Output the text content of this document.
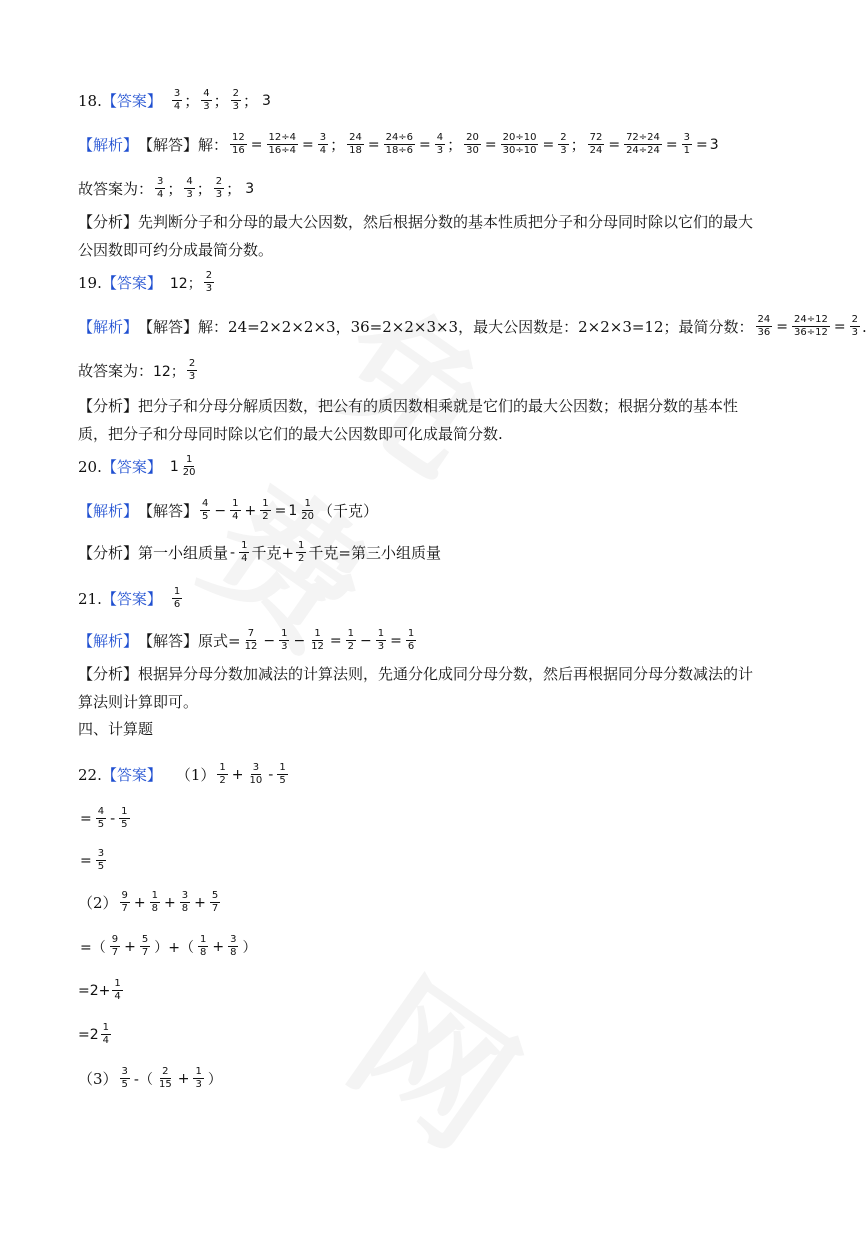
18. 【答案】 3
4 ； 4
3 ； 2
3 ； 3
【解析】 【解答】 解： $\frac{12}{16} = \frac{12\div 4}{16\div 4} = \frac{3}{4}$ ； $\frac{24}{18} = \frac{24\div 6}{18\div 6} = \frac{4}{3}$ ； $\frac{20}{30} = \frac{20\div 10}{30\div 10} = \frac{2}{3}$ ； $\frac{72}{24} = \frac{72\div 24}{24\div 24} = \frac{3}{1} = 3$
故答案为： 3
4 ； 4
3 ； 2
3 ； 3
【分析】先判断分子和分母的最大公因数，然后根据分数的基本性质把分子和分母同时除以它们的最大公因数即可约分成最简分数。
19. 【答案】 12； 2
3
【解析】 【解答】 解：24=2×2×2×3，36=2×2×3×3，最大公因数是：2×2×3=12；最简分数： $\frac{24}{36} = \frac{24\div 12}{36\div 12} = \frac{2}{3}$ .
故答案为： 12； 2
3
【分析】把分子和分母分解质因数，把公有的质因数相乘就是它们的最大公因数；根据分数的基本性质，把分子和分母同时除以它们的最大公因数即可化成最简分数.
20. 【答案】 1 1
20
【解析】 【解答】 4
$5 - \frac{1}{4} + \frac{1}{2} = 1$ 1
20 （千克）
【分析】 第一小组质量 - 1
4 千克+ $\frac{1}{2}$ 千克=第三小组质量
21. 【答案】 1
6
【解析】 【解答】 原式= $\frac{7}{12} - \frac{1}{3} - \frac{1}{12} = \frac{1}{2} - \frac{1}{3} = \frac{1}{6}$
【分析】根据异分母分数加减法的计算法则，先通分化成同分母分数，然后再根据同分母分数减法的计算法则计算即可。
四、计算题
22. 【答案】 （1） 1
$2 + \frac{3}{10} - 1$
5
= $\frac{4}{5} - 1$
5
= $\frac{3}{5}$
（2） 9
$7 + \frac{1}{8} + \frac{3}{8} + \frac{5}{7}$
=（ 9
$7 + \frac{5}{7}$ ）+（ 1
$8 + \frac{3}{8}$ ）
$=2+ \frac{1}{4}$
=2 1
4
（3） 3
5 -（ 2
$15 + \frac{1}{3}$ ）
